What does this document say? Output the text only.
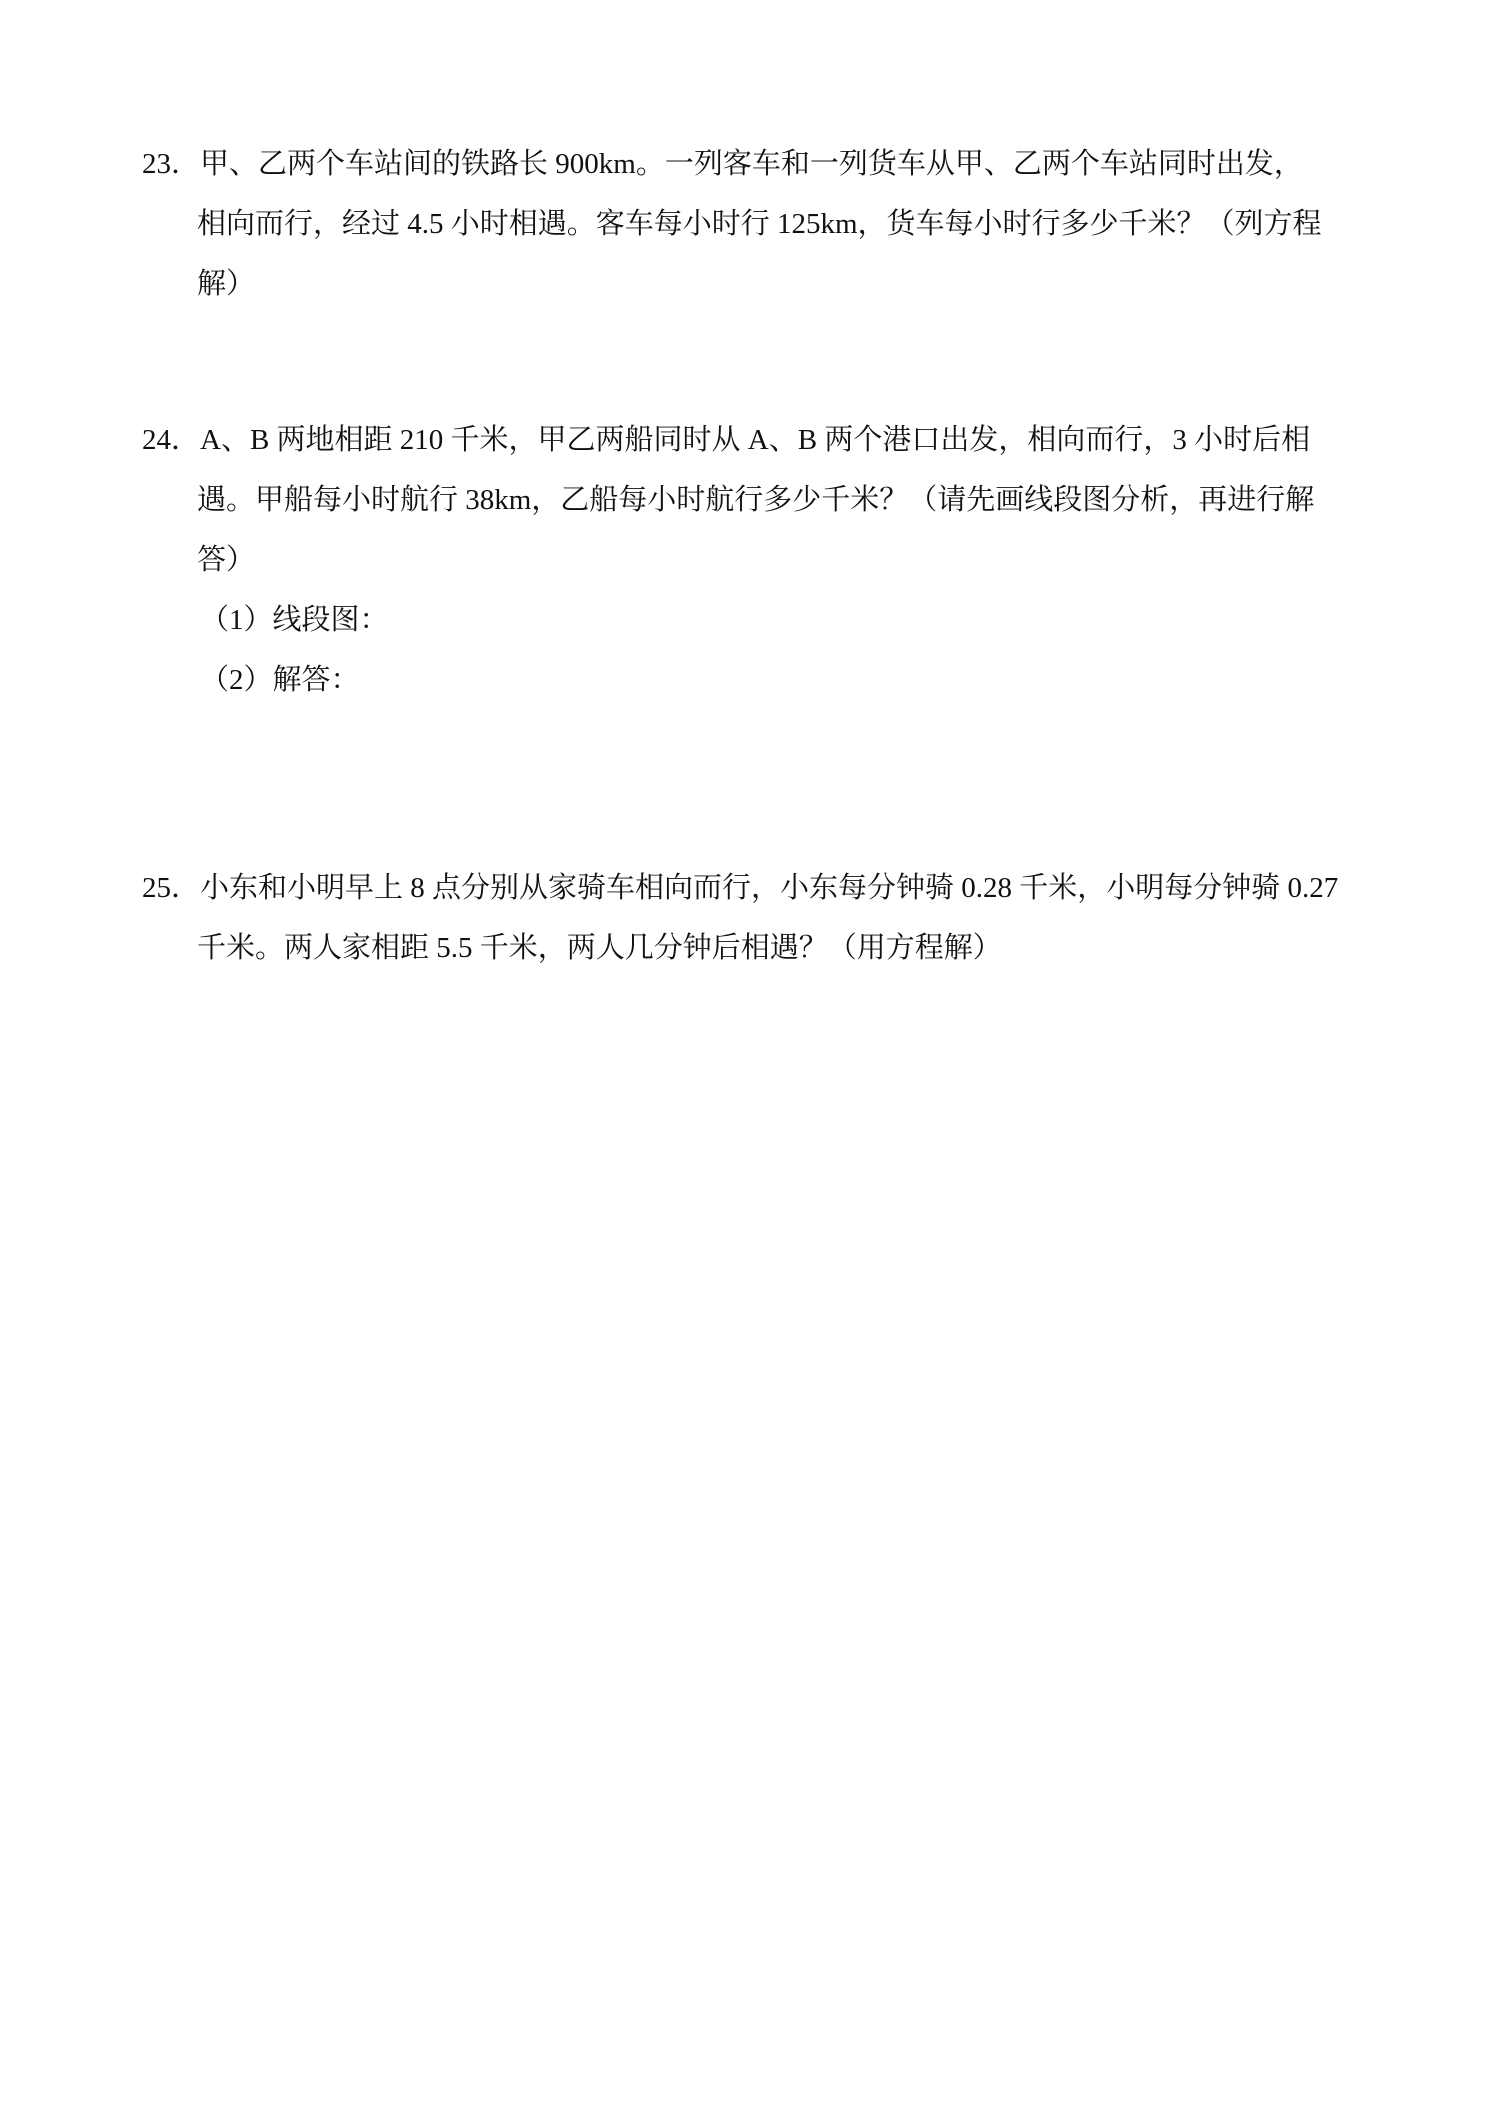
23．甲、乙两个车站间的铁路长 900km。一列客车和一列货车从甲、乙两个车站同时出发，
相向而行，经过 4.5 小时相遇。客车每小时行 125km，货车每小时行多少千米？（列方程
解）
24．A、B 两地相距 210 千米，甲乙两船同时从 A、B 两个港口出发，相向而行，3 小时后相
遇。甲船每小时航行 38km，乙船每小时航行多少千米？（请先画线段图分析，再进行解
答）
（1）线段图：
（2）解答：
25．小东和小明早上 8 点分别从家骑车相向而行，小东每分钟骑 0.28 千米，小明每分钟骑 0.27
千米。两人家相距 5.5 千米，两人几分钟后相遇？（用方程解）
